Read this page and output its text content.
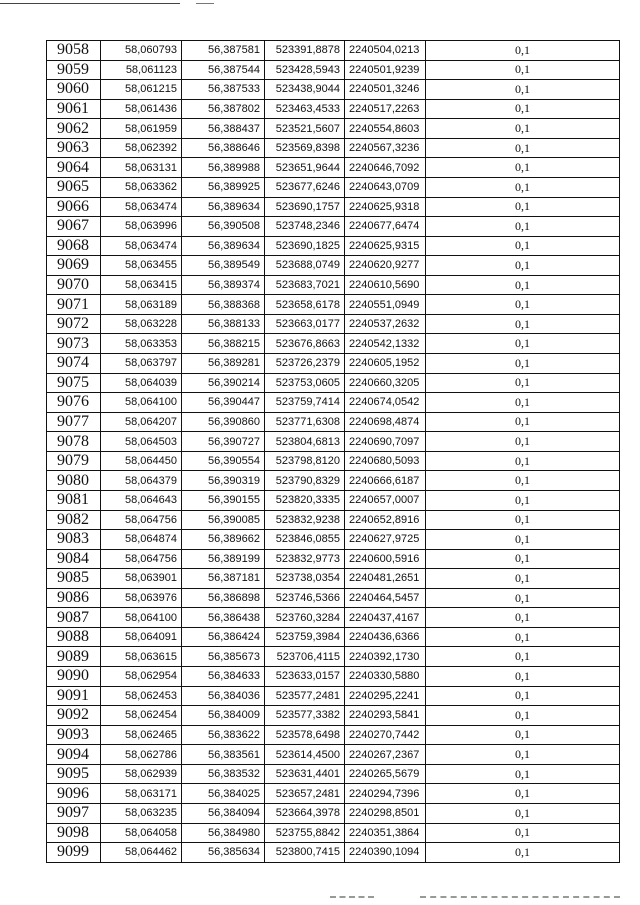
9058	58,060793	56,387581	523391,8878	2240504,0213	0,1
9059	58,061123	56,387544	523428,5943	2240501,9239	0,1
9060	58,061215	56,387533	523438,9044	2240501,3246	0,1
9061	58,061436	56,387802	523463,4533	2240517,2263	0,1
9062	58,061959	56,388437	523521,5607	2240554,8603	0,1
9063	58,062392	56,388646	523569,8398	2240567,3236	0,1
9064	58,063131	56,389988	523651,9644	2240646,7092	0,1
9065	58,063362	56,389925	523677,6246	2240643,0709	0,1
9066	58,063474	56,389634	523690,1757	2240625,9318	0,1
9067	58,063996	56,390508	523748,2346	2240677,6474	0,1
9068	58,063474	56,389634	523690,1825	2240625,9315	0,1
9069	58,063455	56,389549	523688,0749	2240620,9277	0,1
9070	58,063415	56,389374	523683,7021	2240610,5690	0,1
9071	58,063189	56,388368	523658,6178	2240551,0949	0,1
9072	58,063228	56,388133	523663,0177	2240537,2632	0,1
9073	58,063353	56,388215	523676,8663	2240542,1332	0,1
9074	58,063797	56,389281	523726,2379	2240605,1952	0,1
9075	58,064039	56,390214	523753,0605	2240660,3205	0,1
9076	58,064100	56,390447	523759,7414	2240674,0542	0,1
9077	58,064207	56,390860	523771,6308	2240698,4874	0,1
9078	58,064503	56,390727	523804,6813	2240690,7097	0,1
9079	58,064450	56,390554	523798,8120	2240680,5093	0,1
9080	58,064379	56,390319	523790,8329	2240666,6187	0,1
9081	58,064643	56,390155	523820,3335	2240657,0007	0,1
9082	58,064756	56,390085	523832,9238	2240652,8916	0,1
9083	58,064874	56,389662	523846,0855	2240627,9725	0,1
9084	58,064756	56,389199	523832,9773	2240600,5916	0,1
9085	58,063901	56,387181	523738,0354	2240481,2651	0,1
9086	58,063976	56,386898	523746,5366	2240464,5457	0,1
9087	58,064100	56,386438	523760,3284	2240437,4167	0,1
9088	58,064091	56,386424	523759,3984	2240436,6366	0,1
9089	58,063615	56,385673	523706,4115	2240392,1730	0,1
9090	58,062954	56,384633	523633,0157	2240330,5880	0,1
9091	58,062453	56,384036	523577,2481	2240295,2241	0,1
9092	58,062454	56,384009	523577,3382	2240293,5841	0,1
9093	58,062465	56,383622	523578,6498	2240270,7442	0,1
9094	58,062786	56,383561	523614,4500	2240267,2367	0,1
9095	58,062939	56,383532	523631,4401	2240265,5679	0,1
9096	58,063171	56,384025	523657,2481	2240294,7396	0,1
9097	58,063235	56,384094	523664,3978	2240298,8501	0,1
9098	58,064058	56,384980	523755,8842	2240351,3864	0,1
9099	58,064462	56,385634	523800,7415	2240390,1094	0,1
